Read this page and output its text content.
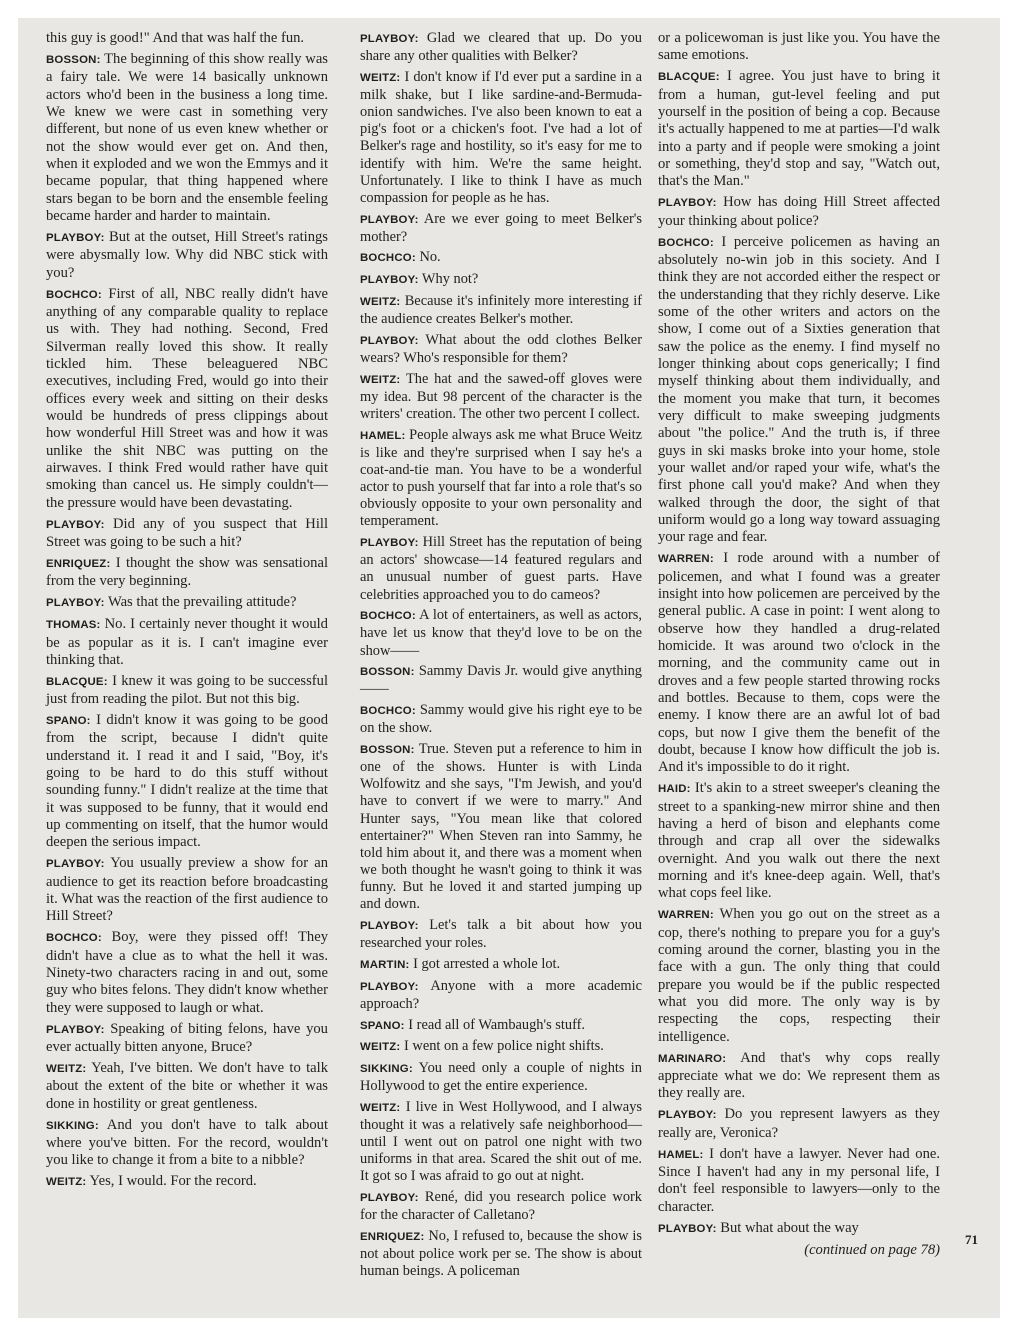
this guy is good!" And that was half the fun.

BOSSON: The beginning of this show really was a fairy tale. We were 14 basically unknown actors who'd been in the business a long time. We knew we were cast in something very different, but none of us even knew whether or not the show would ever get on. And then, when it exploded and we won the Emmys and it became popular, that thing happened where stars began to be born and the ensemble feeling became harder and harder to maintain.

PLAYBOY: But at the outset, Hill Street's ratings were abysmally low. Why did NBC stick with you?

BOCHCO: First of all, NBC really didn't have anything of any comparable quality to replace us with. They had nothing. Second, Fred Silverman really loved this show. It really tickled him. These beleaguered NBC executives, including Fred, would go into their offices every week and sitting on their desks would be hundreds of press clippings about how wonderful Hill Street was and how it was unlike the shit NBC was putting on the airwaves. I think Fred would rather have quit smoking than cancel us. He simply couldn't—the pressure would have been devastating.

PLAYBOY: Did any of you suspect that Hill Street was going to be such a hit?

ENRIQUEZ: I thought the show was sensational from the very beginning.

PLAYBOY: Was that the prevailing attitude?

THOMAS: No. I certainly never thought it would be as popular as it is. I can't imagine ever thinking that.

BLACQUE: I knew it was going to be successful just from reading the pilot. But not this big.

SPANO: I didn't know it was going to be good from the script, because I didn't quite understand it. I read it and I said, "Boy, it's going to be hard to do this stuff without sounding funny." I didn't realize at the time that it was supposed to be funny, that it would end up commenting on itself, that the humor would deepen the serious impact.

PLAYBOY: You usually preview a show for an audience to get its reaction before broadcasting it. What was the reaction of the first audience to Hill Street?

BOCHCO: Boy, were they pissed off! They didn't have a clue as to what the hell it was. Ninety-two characters racing in and out, some guy who bites felons. They didn't know whether they were supposed to laugh or what.

PLAYBOY: Speaking of biting felons, have you ever actually bitten anyone, Bruce?

WEITZ: Yeah, I've bitten. We don't have to talk about the extent of the bite or whether it was done in hostility or great gentleness.

SIKKING: And you don't have to talk about where you've bitten. For the record, wouldn't you like to change it from a bite to a nibble?

WEITZ: Yes, I would. For the record.

PLAYBOY: Glad we cleared that up. Do you share any other qualities with Belker?

WEITZ: I don't know if I'd ever put a sardine in a milk shake, but I like sardine-and-Bermuda-onion sandwiches. I've also been known to eat a pig's foot or a chicken's foot. I've had a lot of Belker's rage and hostility, so it's easy for me to identify with him. We're the same height. Unfortunately. I like to think I have as much compassion for people as he has.

PLAYBOY: Are we ever going to meet Belker's mother?

BOCHCO: No.

PLAYBOY: Why not?

WEITZ: Because it's infinitely more interesting if the audience creates Belker's mother.

PLAYBOY: What about the odd clothes Belker wears? Who's responsible for them?

WEITZ: The hat and the sawed-off gloves were my idea. But 98 percent of the character is the writers' creation. The other two percent I collect.

HAMEL: People always ask me what Bruce Weitz is like and they're surprised when I say he's a coat-and-tie man. You have to be a wonderful actor to push yourself that far into a role that's so obviously opposite to your own personality and temperament.

PLAYBOY: Hill Street has the reputation of being an actors' showcase—14 featured regulars and an unusual number of guest parts. Have celebrities approached you to do cameos?

BOCHCO: A lot of entertainers, as well as actors, have let us know that they'd love to be on the show——

BOSSON: Sammy Davis Jr. would give anything——

BOCHCO: Sammy would give his right eye to be on the show.

BOSSON: True. Steven put a reference to him in one of the shows. Hunter is with Linda Wolfowitz and she says, "I'm Jewish, and you'd have to convert if we were to marry." And Hunter says, "You mean like that colored entertainer?" When Steven ran into Sammy, he told him about it, and there was a moment when we both thought he wasn't going to think it was funny. But he loved it and started jumping up and down.

PLAYBOY: Let's talk a bit about how you researched your roles.

MARTIN: I got arrested a whole lot.

PLAYBOY: Anyone with a more academic approach?

SPANO: I read all of Wambaugh's stuff.

WEITZ: I went on a few police night shifts.

SIKKING: You need only a couple of nights in Hollywood to get the entire experience.

WEITZ: I live in West Hollywood, and I always thought it was a relatively safe neighborhood—until I went out on patrol one night with two uniforms in that area. Scared the shit out of me. It got so I was afraid to go out at night.

PLAYBOY: René, did you research police work for the character of Calletano?

ENRIQUEZ: No, I refused to, because the show is not about police work per se. The show is about human beings. A policeman

or a policewoman is just like you. You have the same emotions.

BLACQUE: I agree. You just have to bring it from a human, gut-level feeling and put yourself in the position of being a cop. Because it's actually happened to me at parties—I'd walk into a party and if people were smoking a joint or something, they'd stop and say, "Watch out, that's the Man."

PLAYBOY: How has doing Hill Street affected your thinking about police?

BOCHCO: I perceive policemen as having an absolutely no-win job in this society. And I think they are not accorded either the respect or the understanding that they richly deserve. Like some of the other writers and actors on the show, I come out of a Sixties generation that saw the police as the enemy. I find myself no longer thinking about cops generically; I find myself thinking about them individually, and the moment you make that turn, it becomes very difficult to make sweeping judgments about "the police." And the truth is, if three guys in ski masks broke into your home, stole your wallet and/or raped your wife, what's the first phone call you'd make? And when they walked through the door, the sight of that uniform would go a long way toward assuaging your rage and fear.

WARREN: I rode around with a number of policemen, and what I found was a greater insight into how policemen are perceived by the general public. A case in point: I went along to observe how they handled a drug-related homicide. It was around two o'clock in the morning, and the community came out in droves and a few people started throwing rocks and bottles. Because to them, cops were the enemy. I know there are an awful lot of bad cops, but now I give them the benefit of the doubt, because I know how difficult the job is. And it's impossible to do it right.

HAID: It's akin to a street sweeper's cleaning the street to a spanking-new mirror shine and then having a herd of bison and elephants come through and crap all over the sidewalks overnight. And you walk out there the next morning and it's knee-deep again. Well, that's what cops feel like.

WARREN: When you go out on the street as a cop, there's nothing to prepare you for a guy's coming around the corner, blasting you in the face with a gun. The only thing that could prepare you would be if the public respected what you did more. The only way is by respecting the cops, respecting their intelligence.

MARINARO: And that's why cops really appreciate what we do: We represent them as they really are.

PLAYBOY: Do you represent lawyers as they really are, Veronica?

HAMEL: I don't have a lawyer. Never had one. Since I haven't had any in my personal life, I don't feel responsible to lawyers—only to the character.

PLAYBOY: But what about the way

(continued on page 78)

71
